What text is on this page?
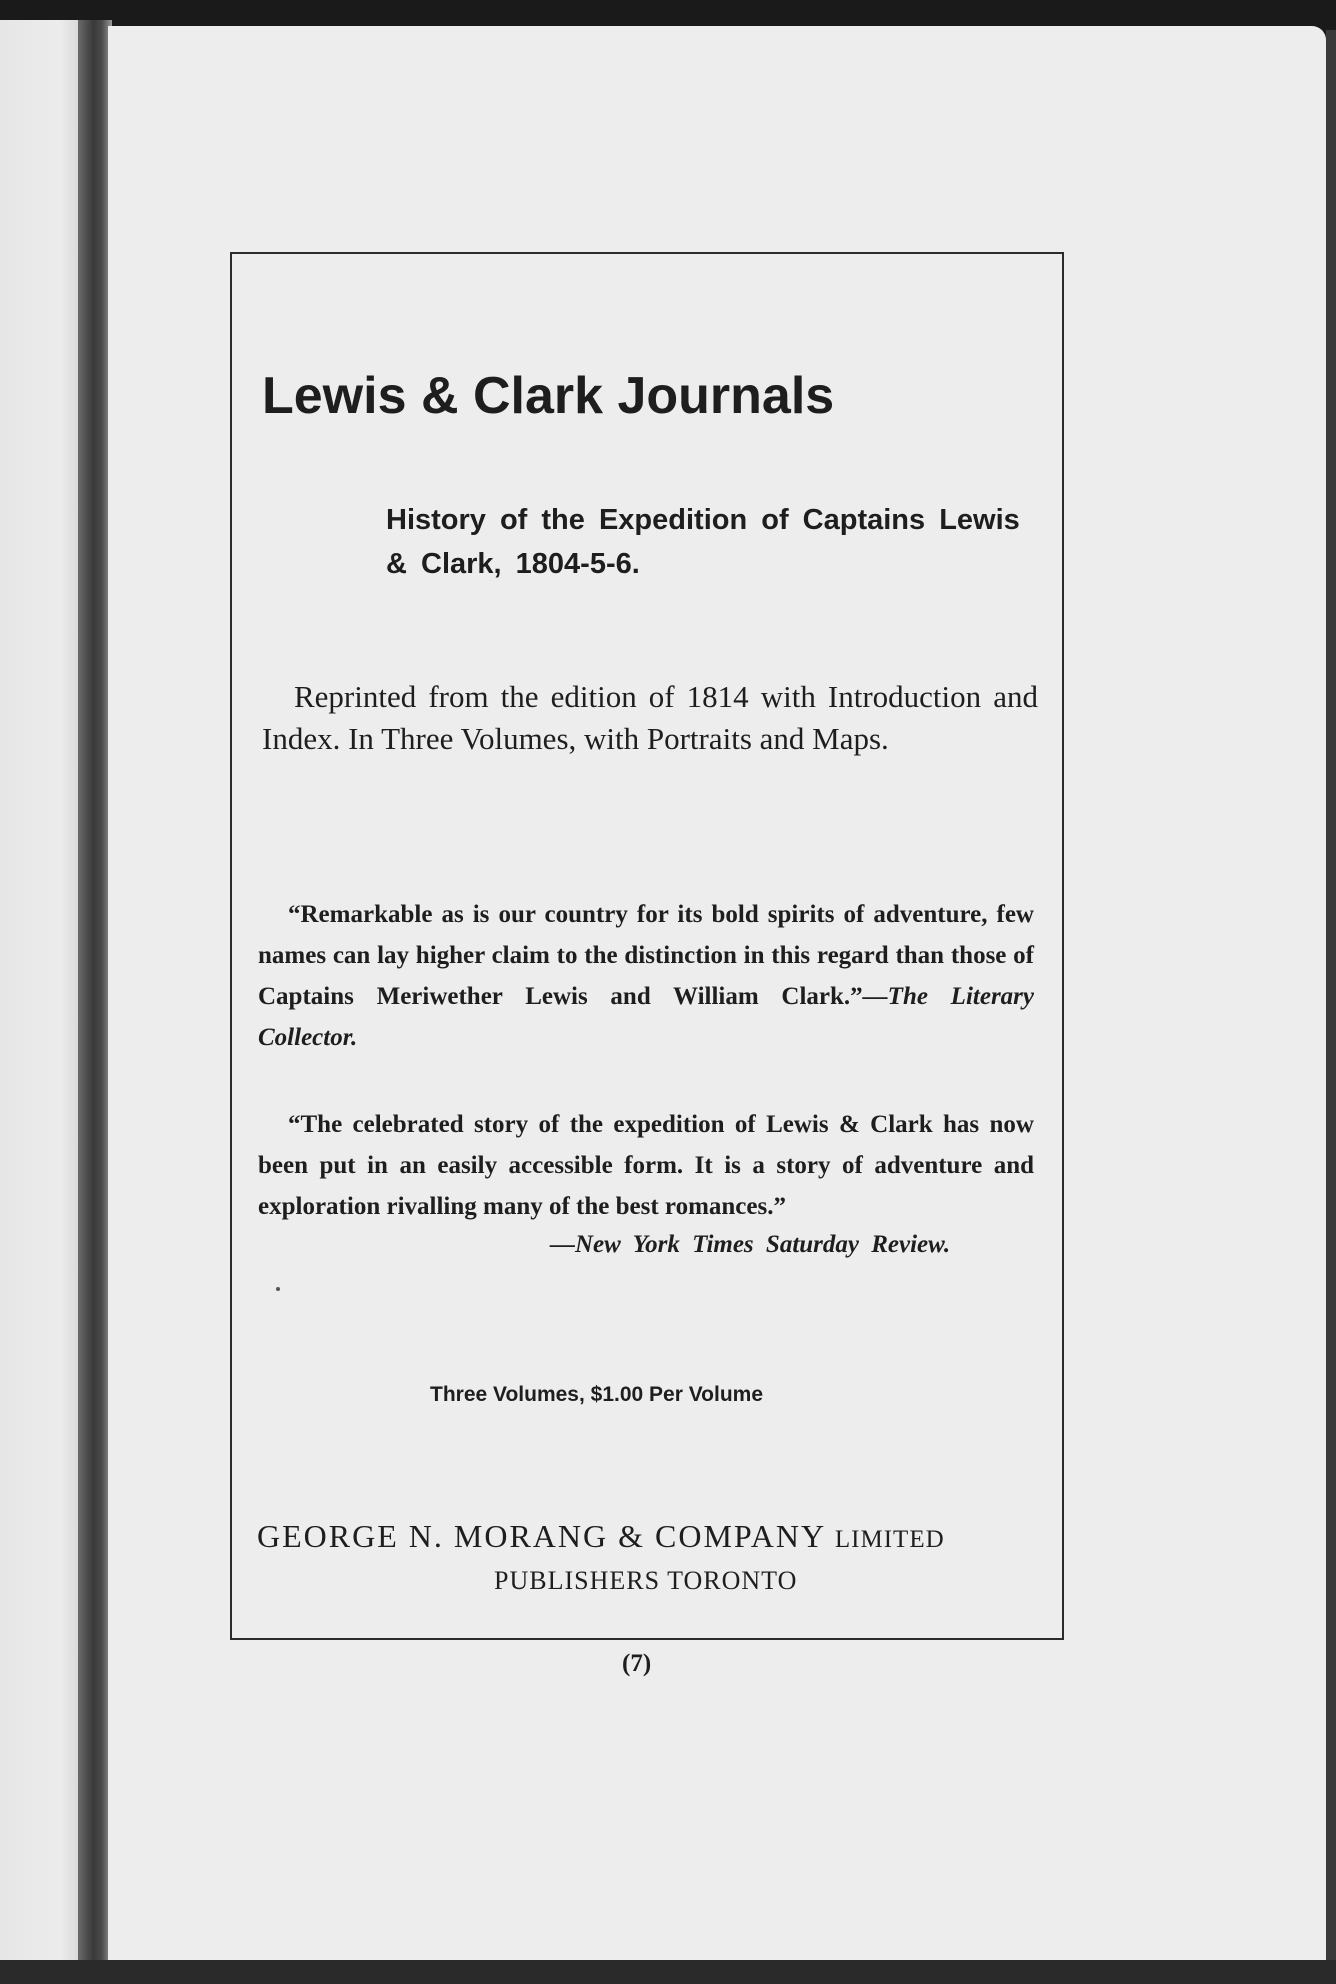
Lewis & Clark Journals

History of the Expedition of Captains Lewis & Clark, 1804-5-6.

Reprinted from the edition of 1814 with Introduction and Index. In Three Volumes, with Portraits and Maps.

“Remarkable as is our country for its bold spirits of adventure, few names can lay higher claim to the distinction in this regard than those of Captains Meriwether Lewis and William Clark.”—The Literary Collector.

“The celebrated story of the expedition of Lewis & Clark has now been put in an easily accessible form. It is a story of adventure and exploration rivalling many of the best romances.”

—New York Times Saturday Review.

Three Volumes, $1.00 Per Volume

GEORGE N. MORANG & COMPANY LIMITED

PUBLISHERS TORONTO

(7)
